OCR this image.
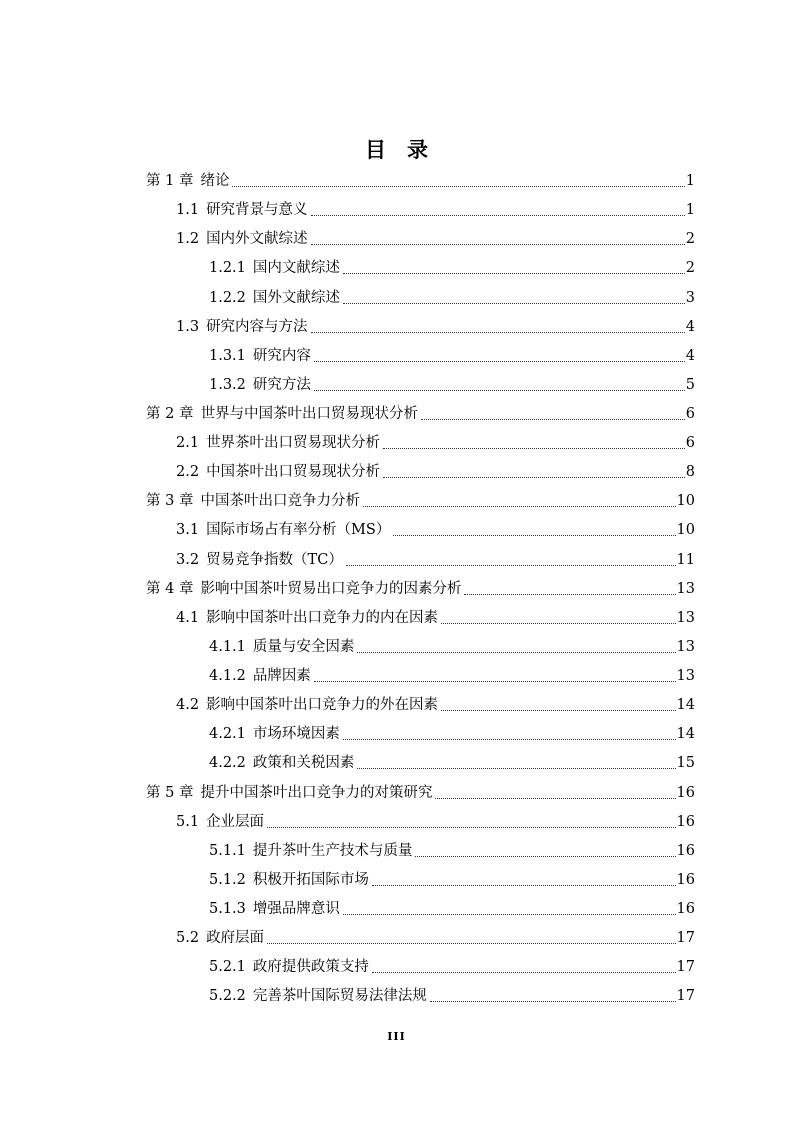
目　录
第 1 章 绪论	1
1.1 研究背景与意义	1
1.2 国内外文献综述	2
1.2.1 国内文献综述	2
1.2.2 国外文献综述	3
1.3 研究内容与方法	4
1.3.1 研究内容	4
1.3.2 研究方法	5
第 2 章 世界与中国茶叶出口贸易现状分析	6
2.1 世界茶叶出口贸易现状分析	6
2.2 中国茶叶出口贸易现状分析	8
第 3 章 中国茶叶出口竞争力分析	10
3.1 国际市场占有率分析（MS）	10
3.2 贸易竞争指数（TC）	11
第 4 章 影响中国茶叶贸易出口竞争力的因素分析	13
4.1 影响中国茶叶出口竞争力的内在因素	13
4.1.1 质量与安全因素	13
4.1.2 品牌因素	13
4.2 影响中国茶叶出口竞争力的外在因素	14
4.2.1 市场环境因素	14
4.2.2 政策和关税因素	15
第 5 章 提升中国茶叶出口竞争力的对策研究	16
5.1 企业层面	16
5.1.1 提升茶叶生产技术与质量	16
5.1.2 积极开拓国际市场	16
5.1.3 增强品牌意识	16
5.2 政府层面	17
5.2.1 政府提供政策支持	17
5.2.2 完善茶叶国际贸易法律法规	17
III
